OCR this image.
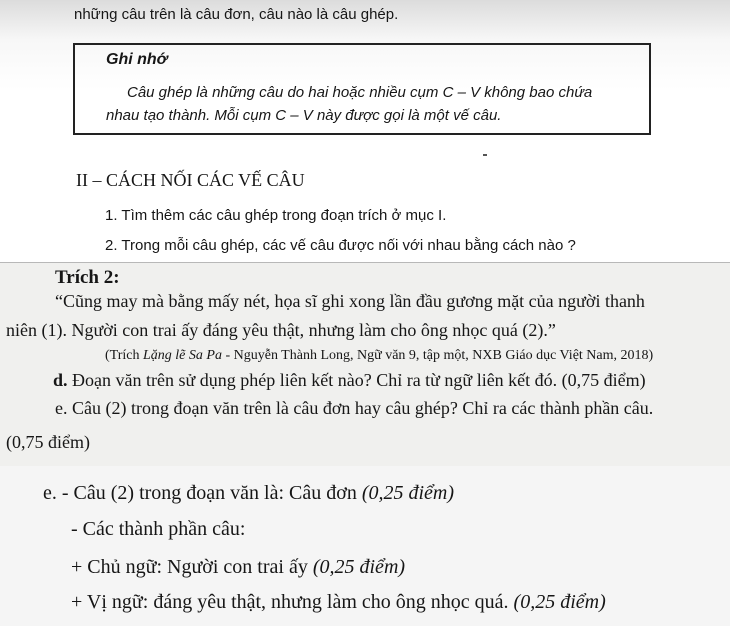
những câu trên là câu đơn, câu nào là câu ghép.
Ghi nhớ
Câu ghép là những câu do hai hoặc nhiều cụm C – V không bao chứa
nhau tạo thành. Mỗi cụm C – V này được gọi là một vế câu.
II – CÁCH NỐI CÁC VẾ CÂU
1. Tìm thêm các câu ghép trong đoạn trích ở mục I.
2. Trong mỗi câu ghép, các vế câu được nối với nhau bằng cách nào ?
Trích 2:
“Cũng may mà bằng mấy nét, họa sĩ ghi xong lần đầu gương mặt của người thanh
niên (1). Người con trai ấy đáng yêu thật, nhưng làm cho ông nhọc quá (2).”
(Trích Lặng lẽ Sa Pa - Nguyễn Thành Long, Ngữ văn 9, tập một, NXB Giáo dục Việt Nam, 2018)
d. Đoạn văn trên sử dụng phép liên kết nào? Chỉ ra từ ngữ liên kết đó. (0,75 điểm)
e. Câu (2) trong đoạn văn trên là câu đơn hay câu ghép? Chỉ ra các thành phần câu.
(0,75 điểm)
e. - Câu (2) trong đoạn văn là: Câu đơn (0,25 điểm)
- Các thành phần câu:
+ Chủ ngữ: Người con trai ấy (0,25 điểm)
+ Vị ngữ: đáng yêu thật, nhưng làm cho ông nhọc quá. (0,25 điểm)
